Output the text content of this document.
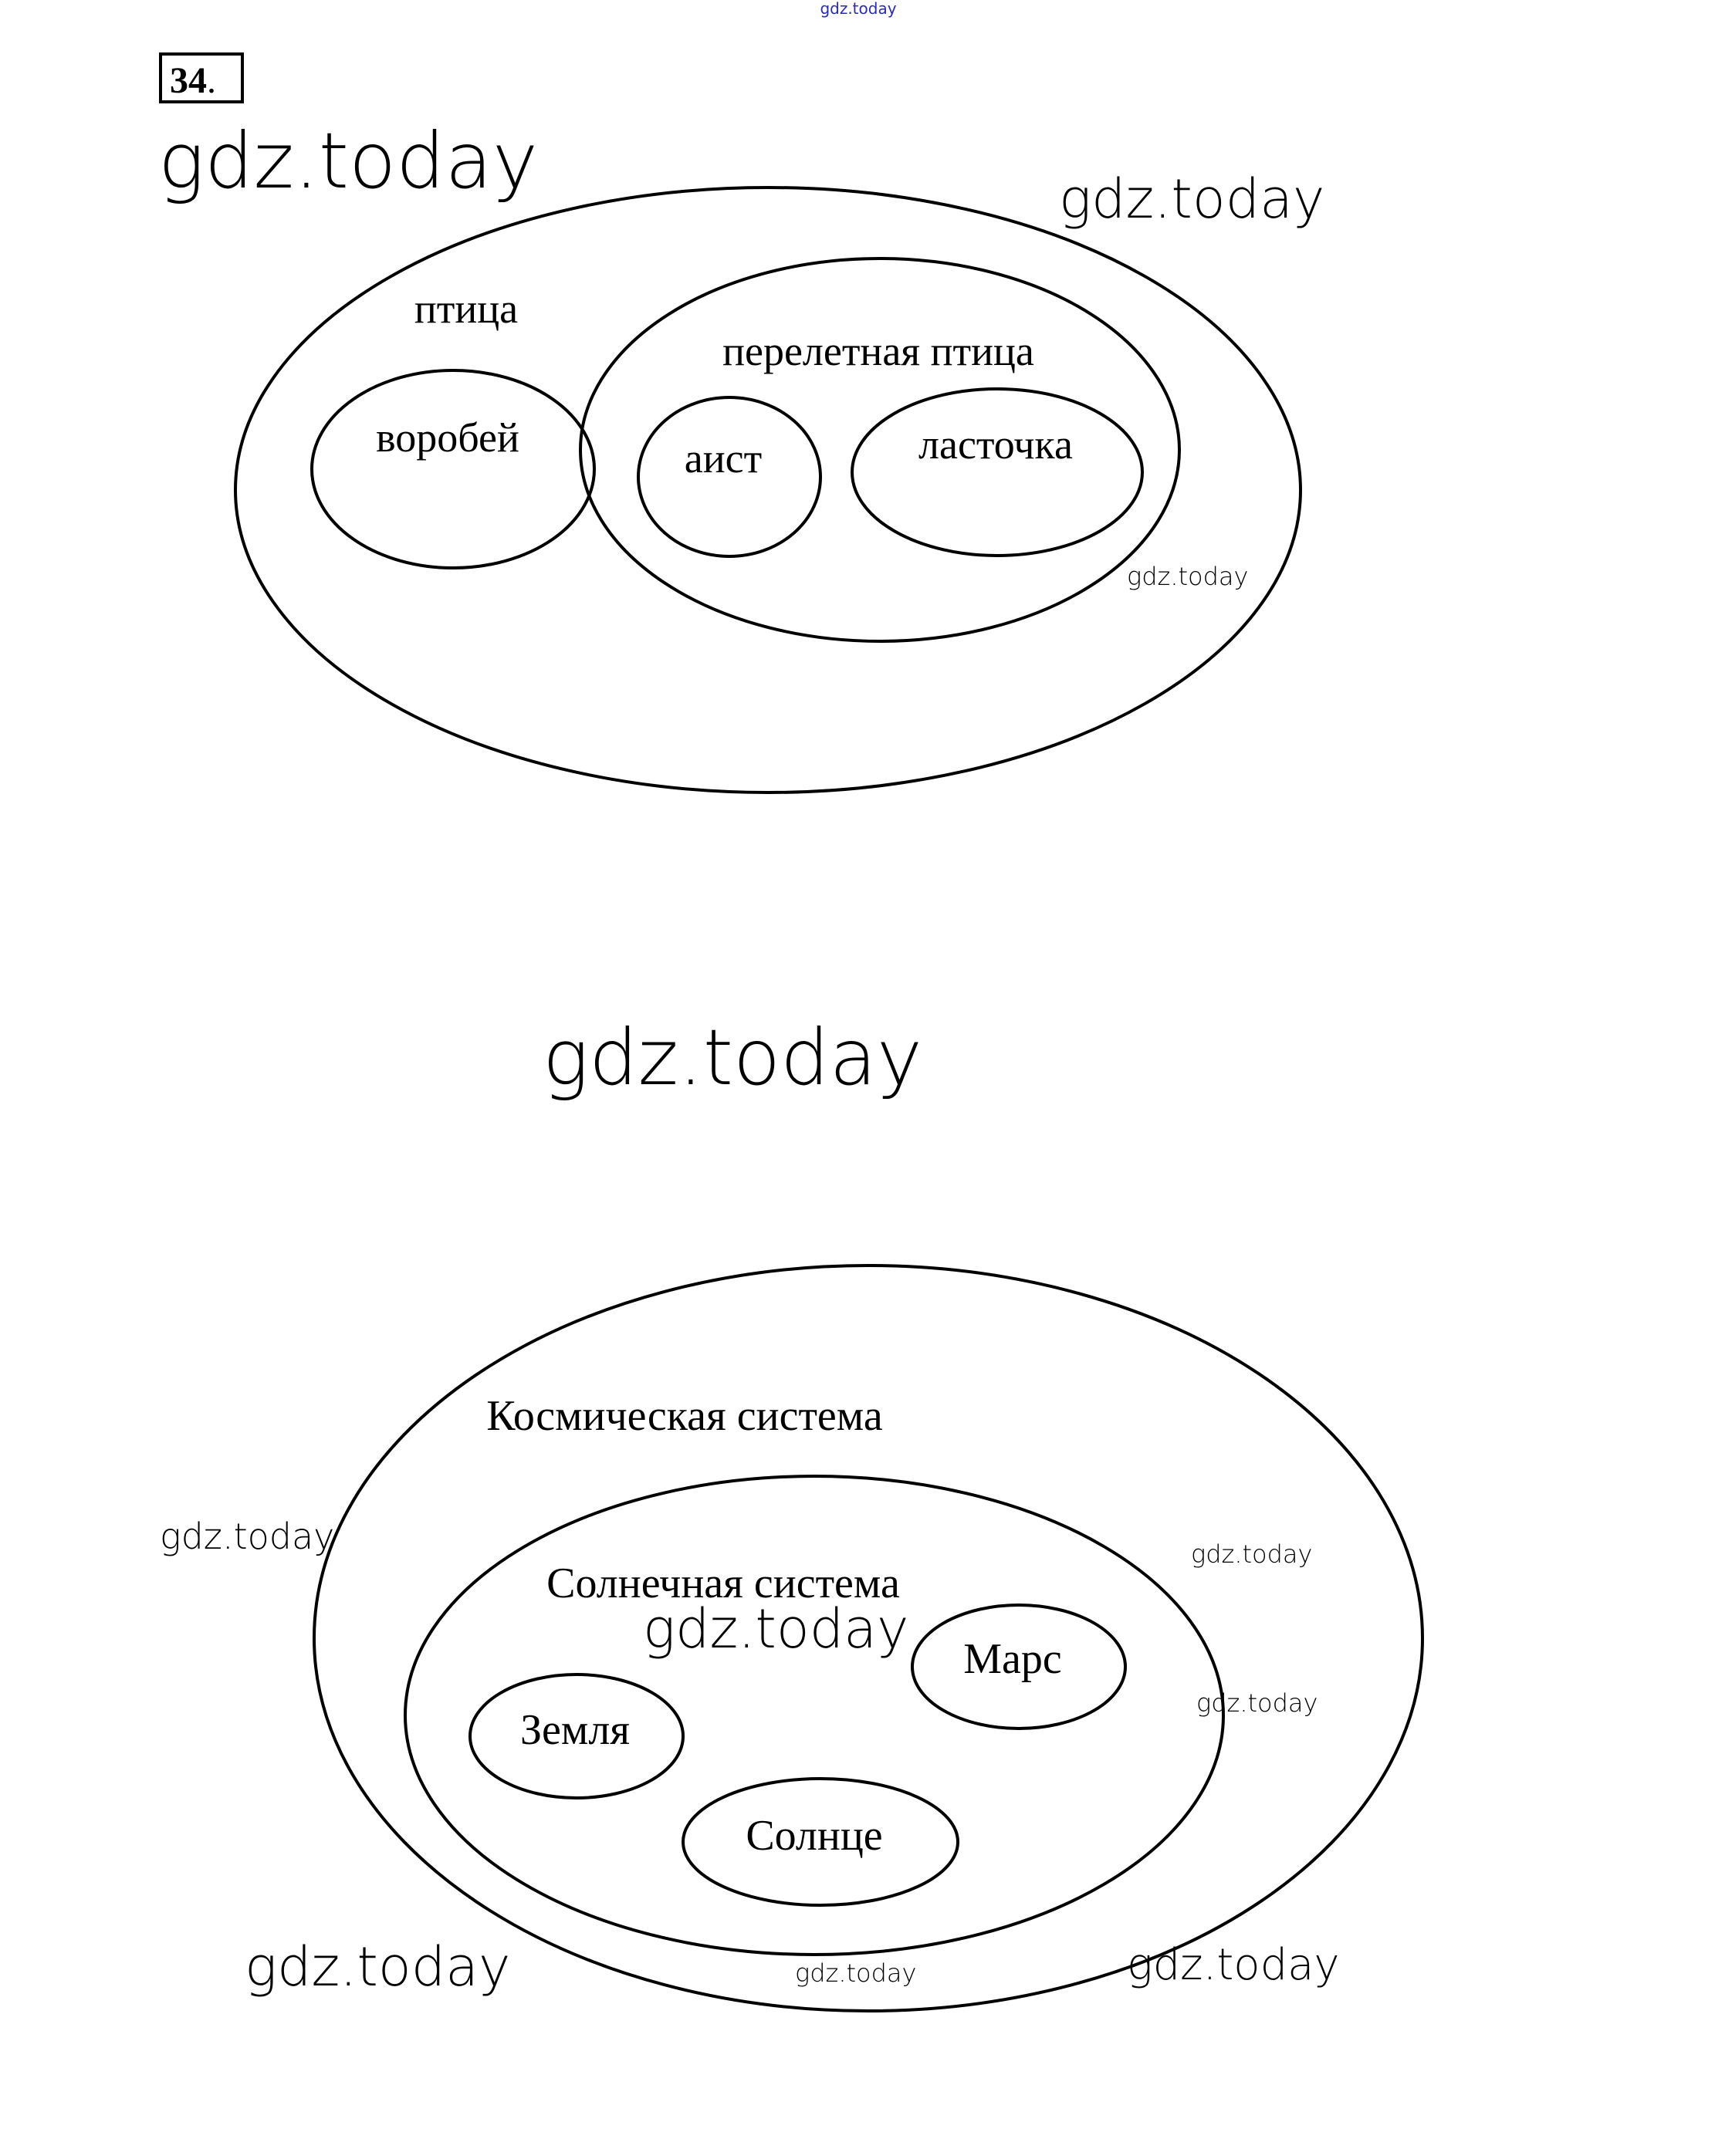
gdz.today
34.
птица
воробей
перелетная птица
аист	ласточка
Космическая система
Солнечная система
Марс
Земля
Солнце
gdz.today	gdz.today
gdz.today
gdz.today
gdz.today	gdz.today
gdz.today
gdz.today
gdz.today	gdz.today	gdz.today
